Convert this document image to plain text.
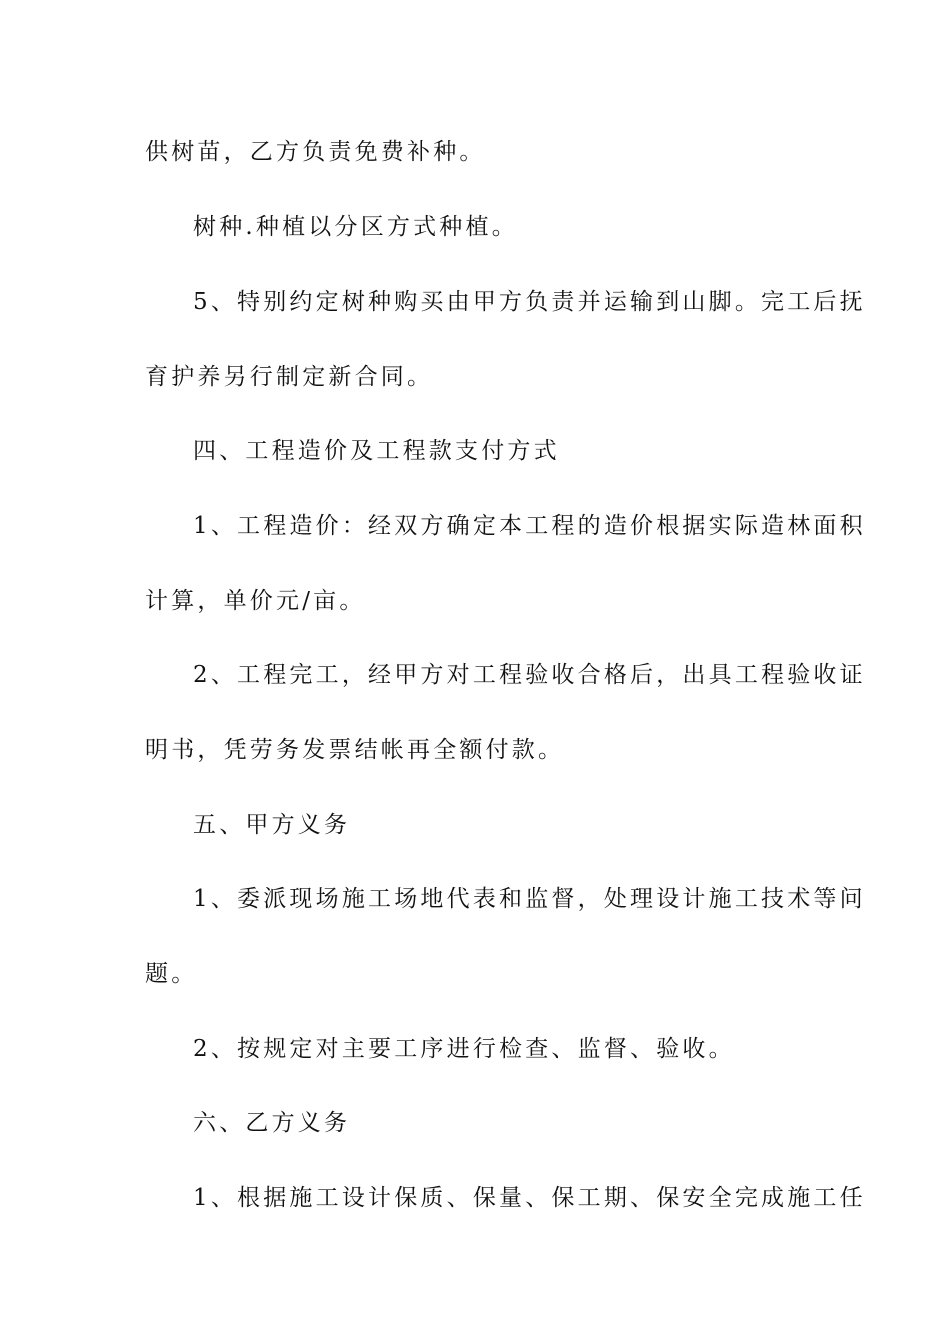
供树苗，乙方负责免费补种。
树种.种植以分区方式种植。
5、特别约定树种购买由甲方负责并运输到山脚。完工后抚
育护养另行制定新合同。
四、工程造价及工程款支付方式
1、工程造价：经双方确定本工程的造价根据实际造林面积
计算，单价元/亩。
2、工程完工，经甲方对工程验收合格后，出具工程验收证
明书，凭劳务发票结帐再全额付款。
五、甲方义务
1、委派现场施工场地代表和监督，处理设计施工技术等问
题。
2、按规定对主要工序进行检查、监督、验收。
六、乙方义务
1、根据施工设计保质、保量、保工期、保安全完成施工任
